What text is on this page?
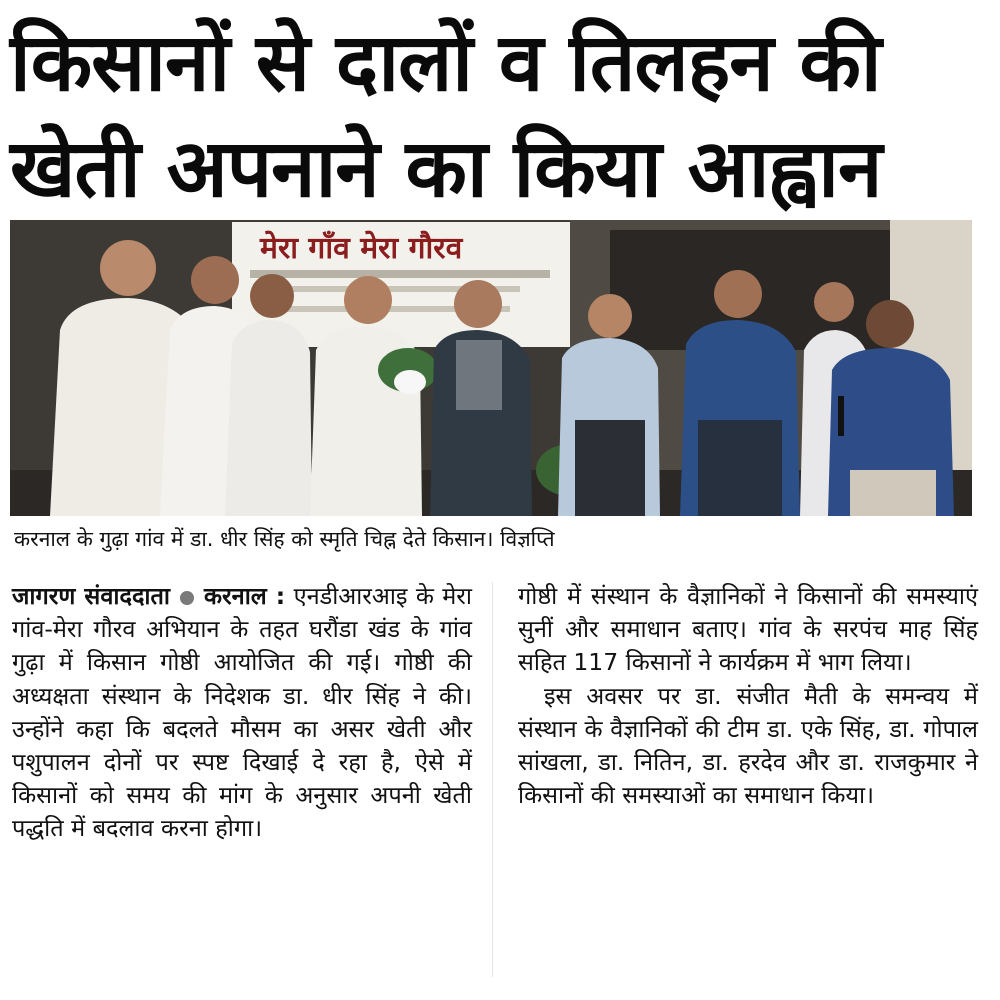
किसानों से दालों व तिलहन की
खेती अपनाने का किया आह्वान
मेरा गाँव मेरा गौरव
करनाल के गुढ़ा गांव में डा. धीर सिंह को स्मृति चिह्न देते किसान। विज्ञप्ति

जागरण संवाददाता करनाल : एनडीआरआइ के मेरा गांव-मेरा गौरव अभियान के तहत घरौंडा खंड के गांव गुढ़ा में किसान गोष्ठी आयोजित की गई। गोष्ठी की अध्यक्षता संस्थान के निदेशक डा. धीर सिंह ने की। उन्होंने कहा कि बदलते मौसम का असर खेती और पशुपालन दोनों पर स्पष्ट दिखाई दे रहा है, ऐसे में किसानों को समय की मांग के अनुसार अपनी खेती पद्धति में बदलाव करना होगा।

गोष्ठी में संस्थान के वैज्ञानिकों ने किसानों की समस्याएं सुनीं और समाधान बताए। गांव के सरपंच माह सिंह सहित 117 किसानों ने कार्यक्रम में भाग लिया।

इस अवसर पर डा. संजीत मैती के समन्वय में संस्थान के वैज्ञानिकों की टीम डा. एके सिंह, डा. गोपाल सांखला, डा. नितिन, डा. हरदेव और डा. राजकुमार ने किसानों की समस्याओं का समाधान किया।
